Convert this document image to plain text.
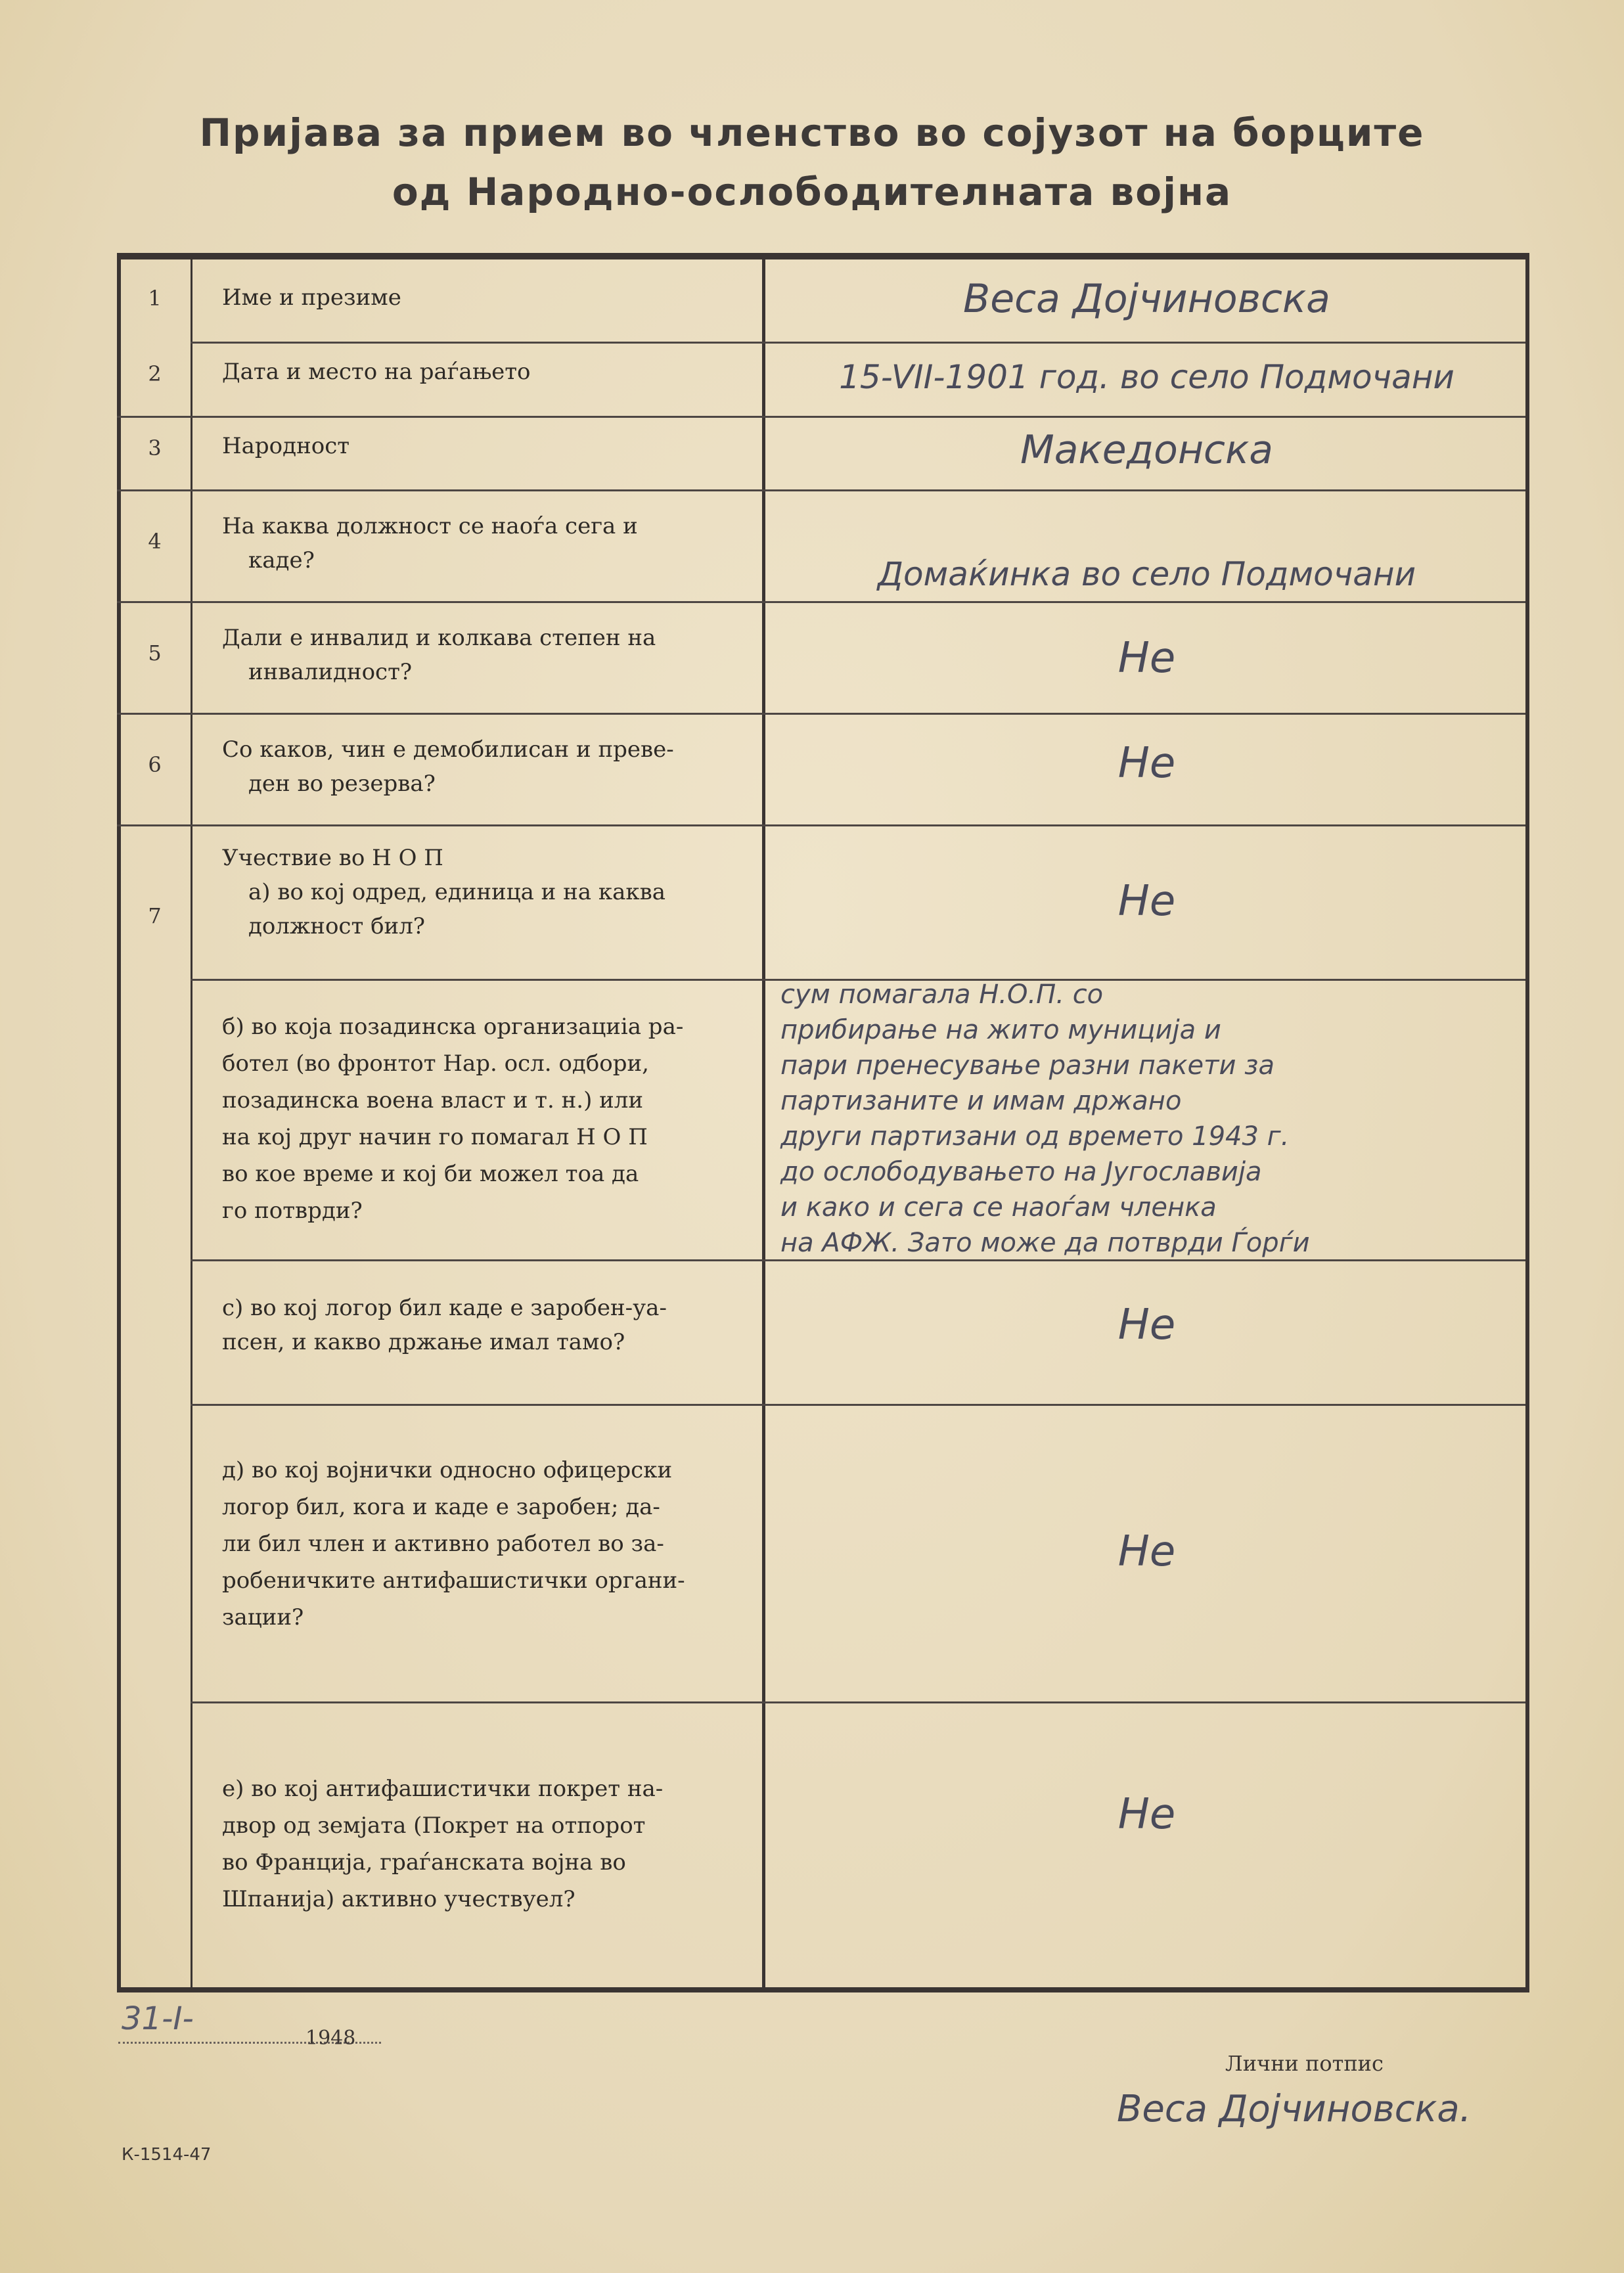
Пријава за прием во членство во сојузот на борците
од Народно-ослободителната војна
1
2
3
4
5
6
7
Име и презиме
Дата и место на раѓањето
Народност
На каква должност се наоѓа сега и
каде?
Дали е инвалид и колкава степен на
инвалидност?
Со каков, чин е демобилисан и преве-
ден во резерва?
Учествие во Н О П
а) во кој одред, единица и на каква
должност бил?
б) во која позадинска организациiа ра-
ботел (во фронтот Нар. осл. одбори,
позадинска воена власт и т. н.) или
на кој друг начин го помагал Н О П
во кое време и кој би можел тоа да
го потврди?
с) во кој логор бил каде е заробен-уа-
псен, и какво држање имал тамо?
д) во кој војнички односно офицерски
логор бил, кога и каде е заробен; да-
ли бил член и активно работел во за-
робеничките антифашистички органи-
зации?
е) во кој антифашистички покрет на-
двор од земјата (Покрет на отпорот
во Франција, граѓанската војна во
Шпанија) активно учествуел?
Веса Дојчиновска
15-VII-1901 год. во село Подмочани
Македонска
Домаќинка во село Подмочани
Не
Не
Не
сум помагала Н.О.П. со
прибирање на жито муниција и
пари пренесување разни пакети за
партизаните и имам држано
други партизани од времето 1943 г.
до ослободувањето на Југославија
и како и сега се наоѓам членка
на АФЖ. Зато може да потврди Ѓорѓи
Не
Не
Не
31-I-
1948
Лични потпис
Веса Дојчиновска.
К-1514-47
